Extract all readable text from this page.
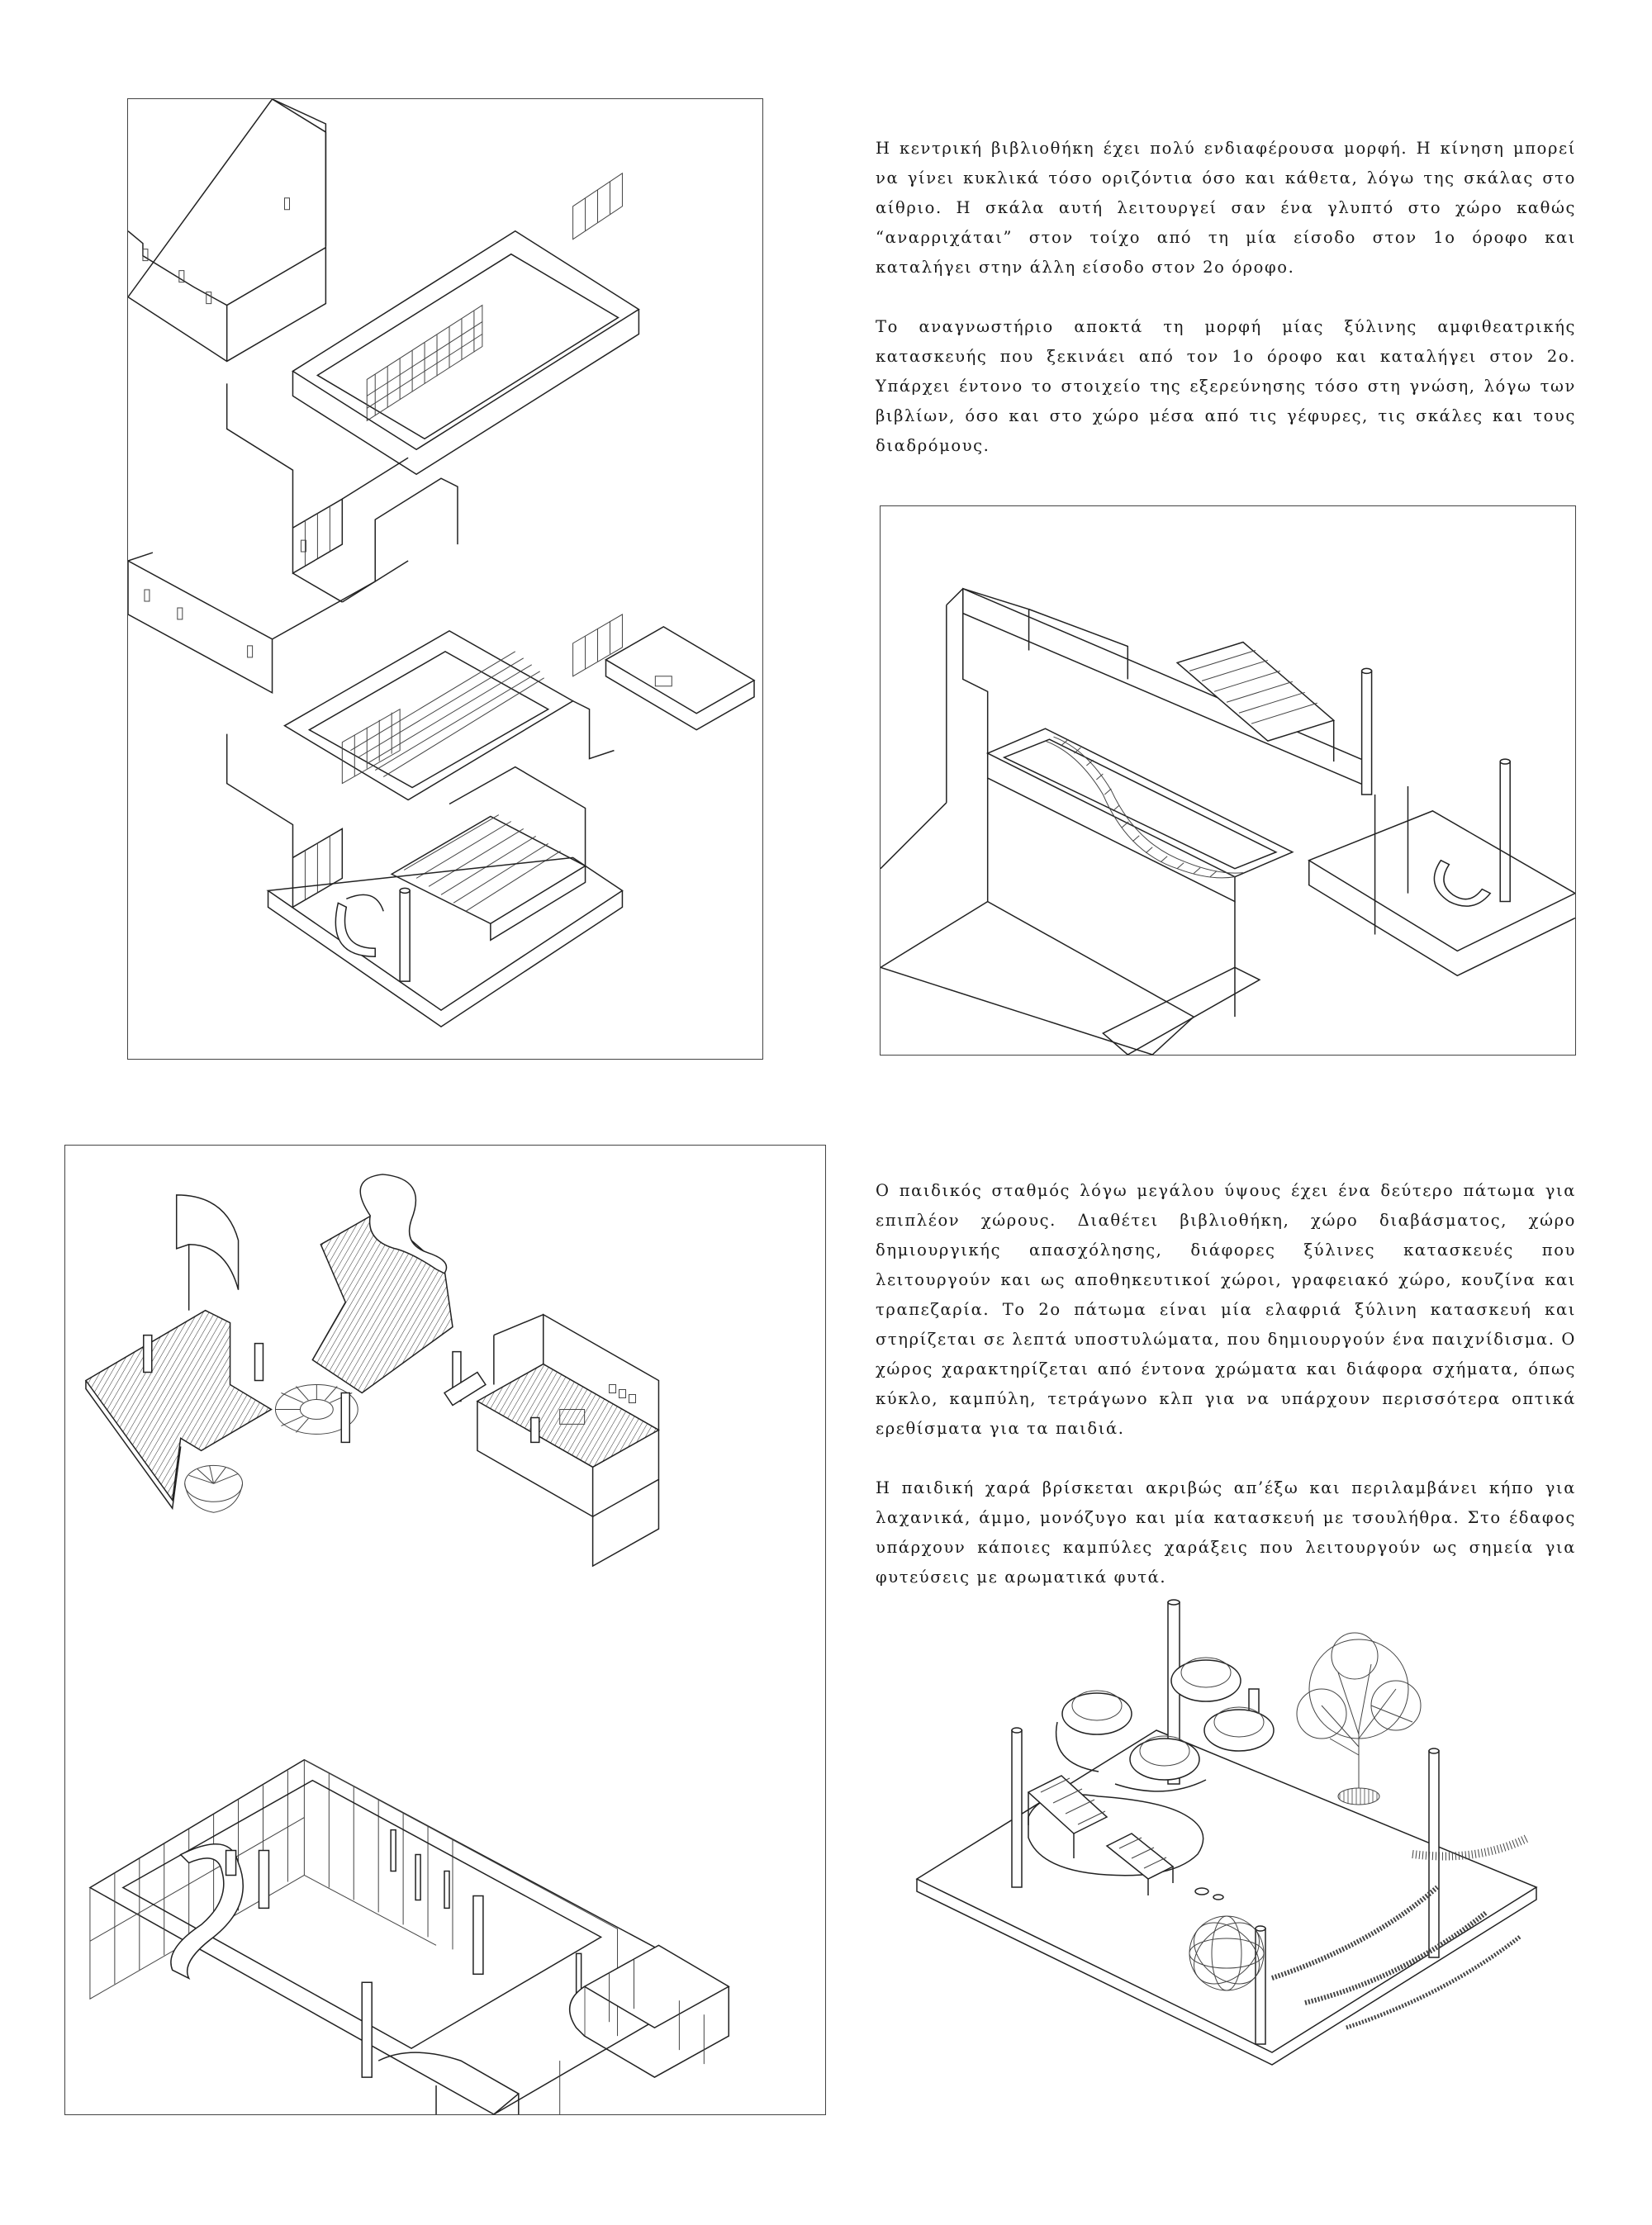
Η κεντρική βιβλιοθήκη έχει πολύ ενδιαφέρουσα μορφή. Η κίνηση μπορεί να γίνει κυκλικά τόσο οριζόντια όσο και κάθετα, λόγω της σκάλας στο αίθριο. Η σκάλα αυτή λειτουργεί σαν ένα γλυπτό στο χώρο καθώς “αναρριχάται” στον τοίχο από τη μία είσοδο στον 1ο όροφο και καταλήγει στην άλλη είσοδο στον 2ο όροφο.

Το αναγνωστήριο αποκτά τη μορφή μίας ξύλινης αμφιθεατρικής κατασκευής που ξεκινάει από τον 1ο όροφο και καταλήγει στον 2ο. Υπάρχει έντονο το στοιχείο της εξερεύνησης τόσο στη γνώση, λόγω των βιβλίων, όσο και στο χώρο μέσα από τις γέφυρες, τις σκάλες και τους διαδρόμους.

Ο παιδικός σταθμός λόγω μεγάλου ύψους έχει ένα δεύτερο πάτωμα για επιπλέον χώρους. Διαθέτει βιβλιοθήκη, χώρο διαβάσματος, χώρο δημιουργικής απασχόλησης, διάφορες ξύλινες κατασκευές που λειτουργούν και ως αποθηκευτικοί χώροι, γραφειακό χώρο, κουζίνα και τραπεζαρία. Το 2ο πάτωμα είναι μία ελαφριά ξύλινη κατασκευή και στηρίζεται σε λεπτά υποστυλώματα, που δημιουργούν ένα παιχνίδισμα. Ο χώρος χαρακτηρίζεται από έντονα χρώματα και διάφορα σχήματα, όπως κύκλο, καμπύλη, τετράγωνο κλπ για να υπάρχουν περισσότερα οπτικά ερεθίσματα για τα παιδιά.

Η παιδική χαρά βρίσκεται ακριβώς απ’έξω και περιλαμβάνει κήπο για λαχανικά, άμμο, μονόζυγο και μία κατασκευή με τσουλήθρα. Στο έδαφος υπάρχουν κάποιες καμπύλες χαράξεις που λειτουργούν ως σημεία για φυτεύσεις με αρωματικά φυτά.
